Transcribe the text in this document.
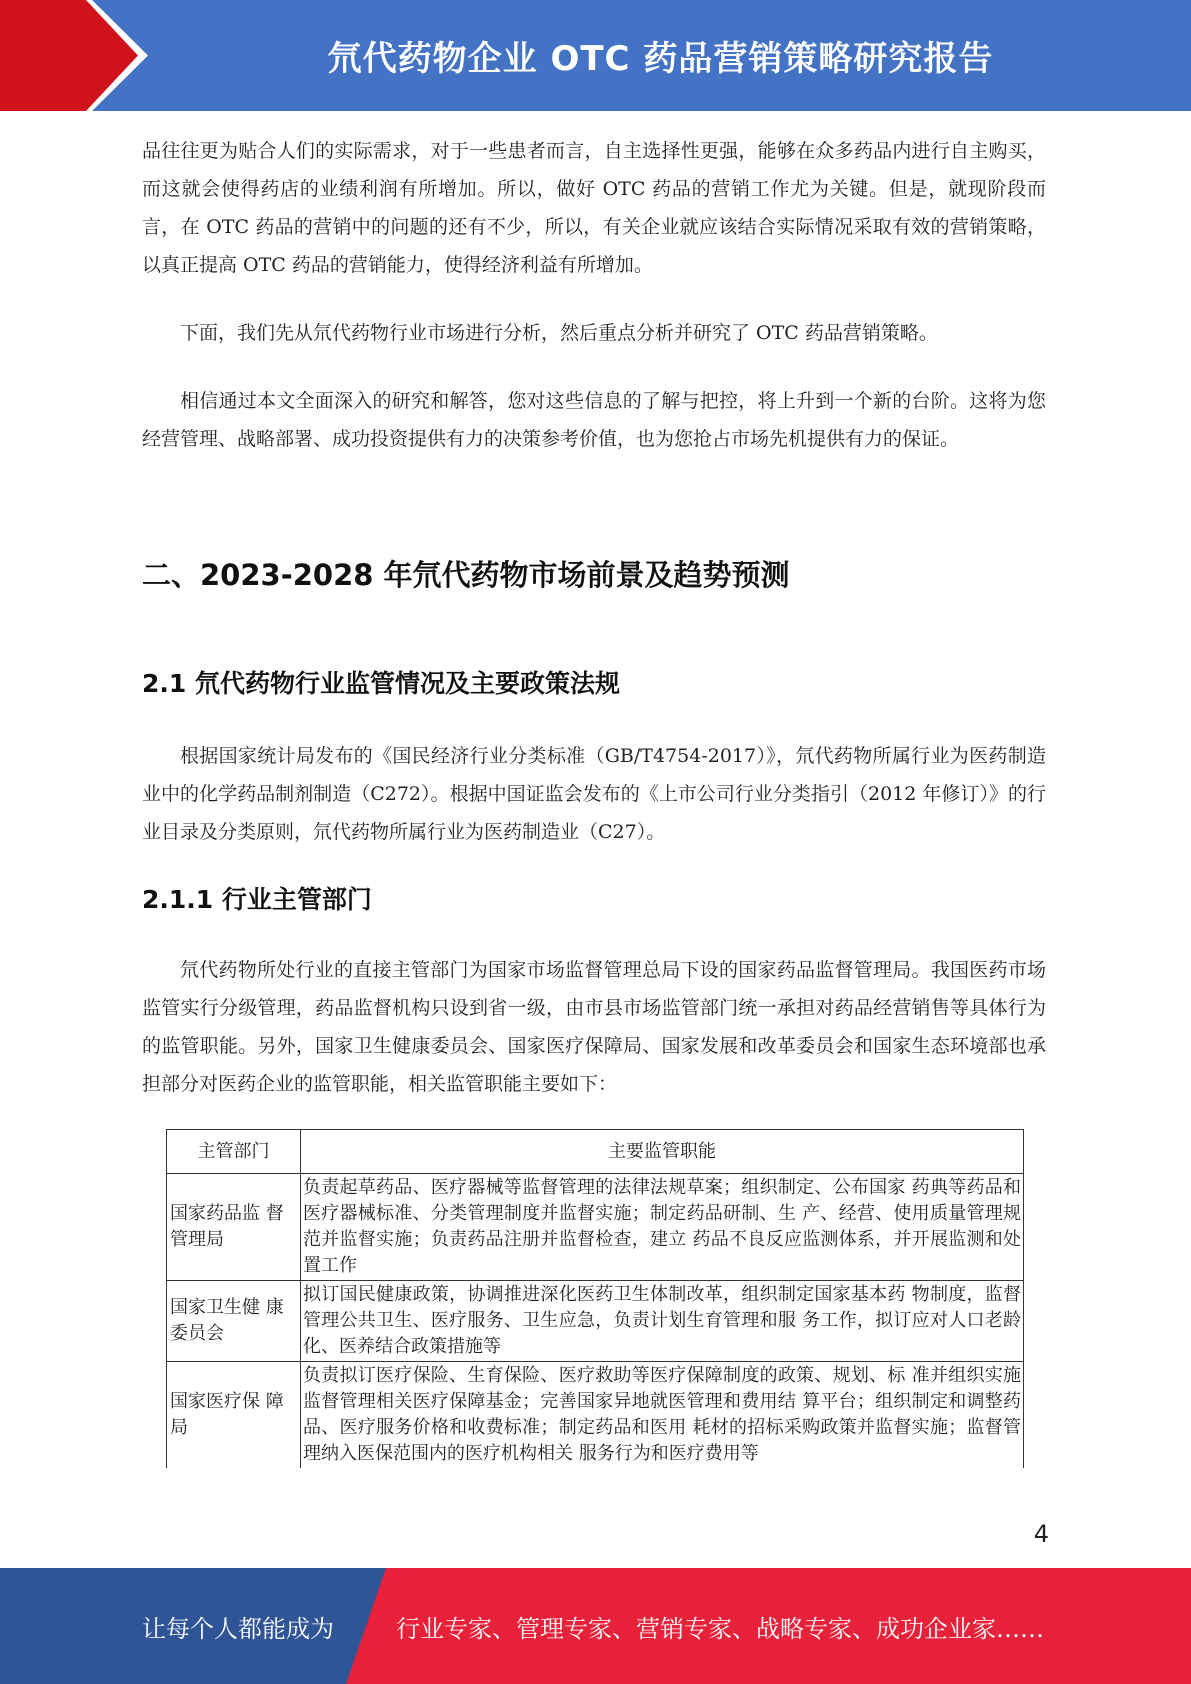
氘代药物企业 OTC 药品营销策略研究报告

品往往更为贴合人们的实际需求，对于一些患者而言，自主选择性更强，能够在众多药品内进行自主购买，而这就会使得药店的业绩利润有所增加。所以，做好 OTC 药品的营销工作尤为关键。但是，就现阶段而言，在 OTC 药品的营销中的问题的还有不少，所以，有关企业就应该结合实际情况采取有效的营销策略，以真正提高 OTC 药品的营销能力，使得经济利益有所增加。

下面，我们先从氘代药物行业市场进行分析，然后重点分析并研究了 OTC 药品营销策略。

相信通过本文全面深入的研究和解答，您对这些信息的了解与把控，将上升到一个新的台阶。这将为您经营管理、战略部署、成功投资提供有力的决策参考价值，也为您抢占市场先机提供有力的保证。

二、2023-2028 年氘代药物市场前景及趋势预测
2.1 氘代药物行业监管情况及主要政策法规

根据国家统计局发布的《国民经济行业分类标准（GB/T4754-2017）》，氘代药物所属行业为医药制造业中的化学药品制剂制造（C272）。根据中国证监会发布的《上市公司行业分类指引（2012 年修订）》的行业目录及分类原则，氘代药物所属行业为医药制造业（C27）。

2.1.1 行业主管部门

氘代药物所处行业的直接主管部门为国家市场监督管理总局下设的国家药品监督管理局。我国医药市场监管实行分级管理，药品监督机构只设到省一级，由市县市场监管部门统一承担对药品经营销售等具体行为的监管职能。另外，国家卫生健康委员会、国家医疗保障局、国家发展和改革委员会和国家生态环境部也承担部分对医药企业的监管职能，相关监管职能主要如下：

主管部门	主要监管职能
国家药品监 督管理局	负责起草药品、医疗器械等监督管理的法律法规草案；组织制定、公布国家 药典等药品和医疗器械标准、分类管理制度并监督实施；制定药品研制、生 产、经营、使用质量管理规范并监督实施；负责药品注册并监督检查，建立 药品不良反应监测体系，并开展监测和处置工作
国家卫生健 康委员会	拟订国民健康政策，协调推进深化医药卫生体制改革，组织制定国家基本药 物制度，监督管理公共卫生、医疗服务、卫生应急，负责计划生育管理和服 务工作，拟订应对人口老龄化、医养结合政策措施等
国家医疗保 障局	负责拟订医疗保险、生育保险、医疗救助等医疗保障制度的政策、规划、标 准并组织实施监督管理相关医疗保障基金；完善国家异地就医管理和费用结 算平台；组织制定和调整药品、医疗服务价格和收费标准；制定药品和医用 耗材的招标采购政策并监督实施；监督管理纳入医保范围内的医疗机构相关 服务行为和医疗费用等
4
让每个人都能成为	行业专家、管理专家、营销专家、战略专家、成功企业家……
